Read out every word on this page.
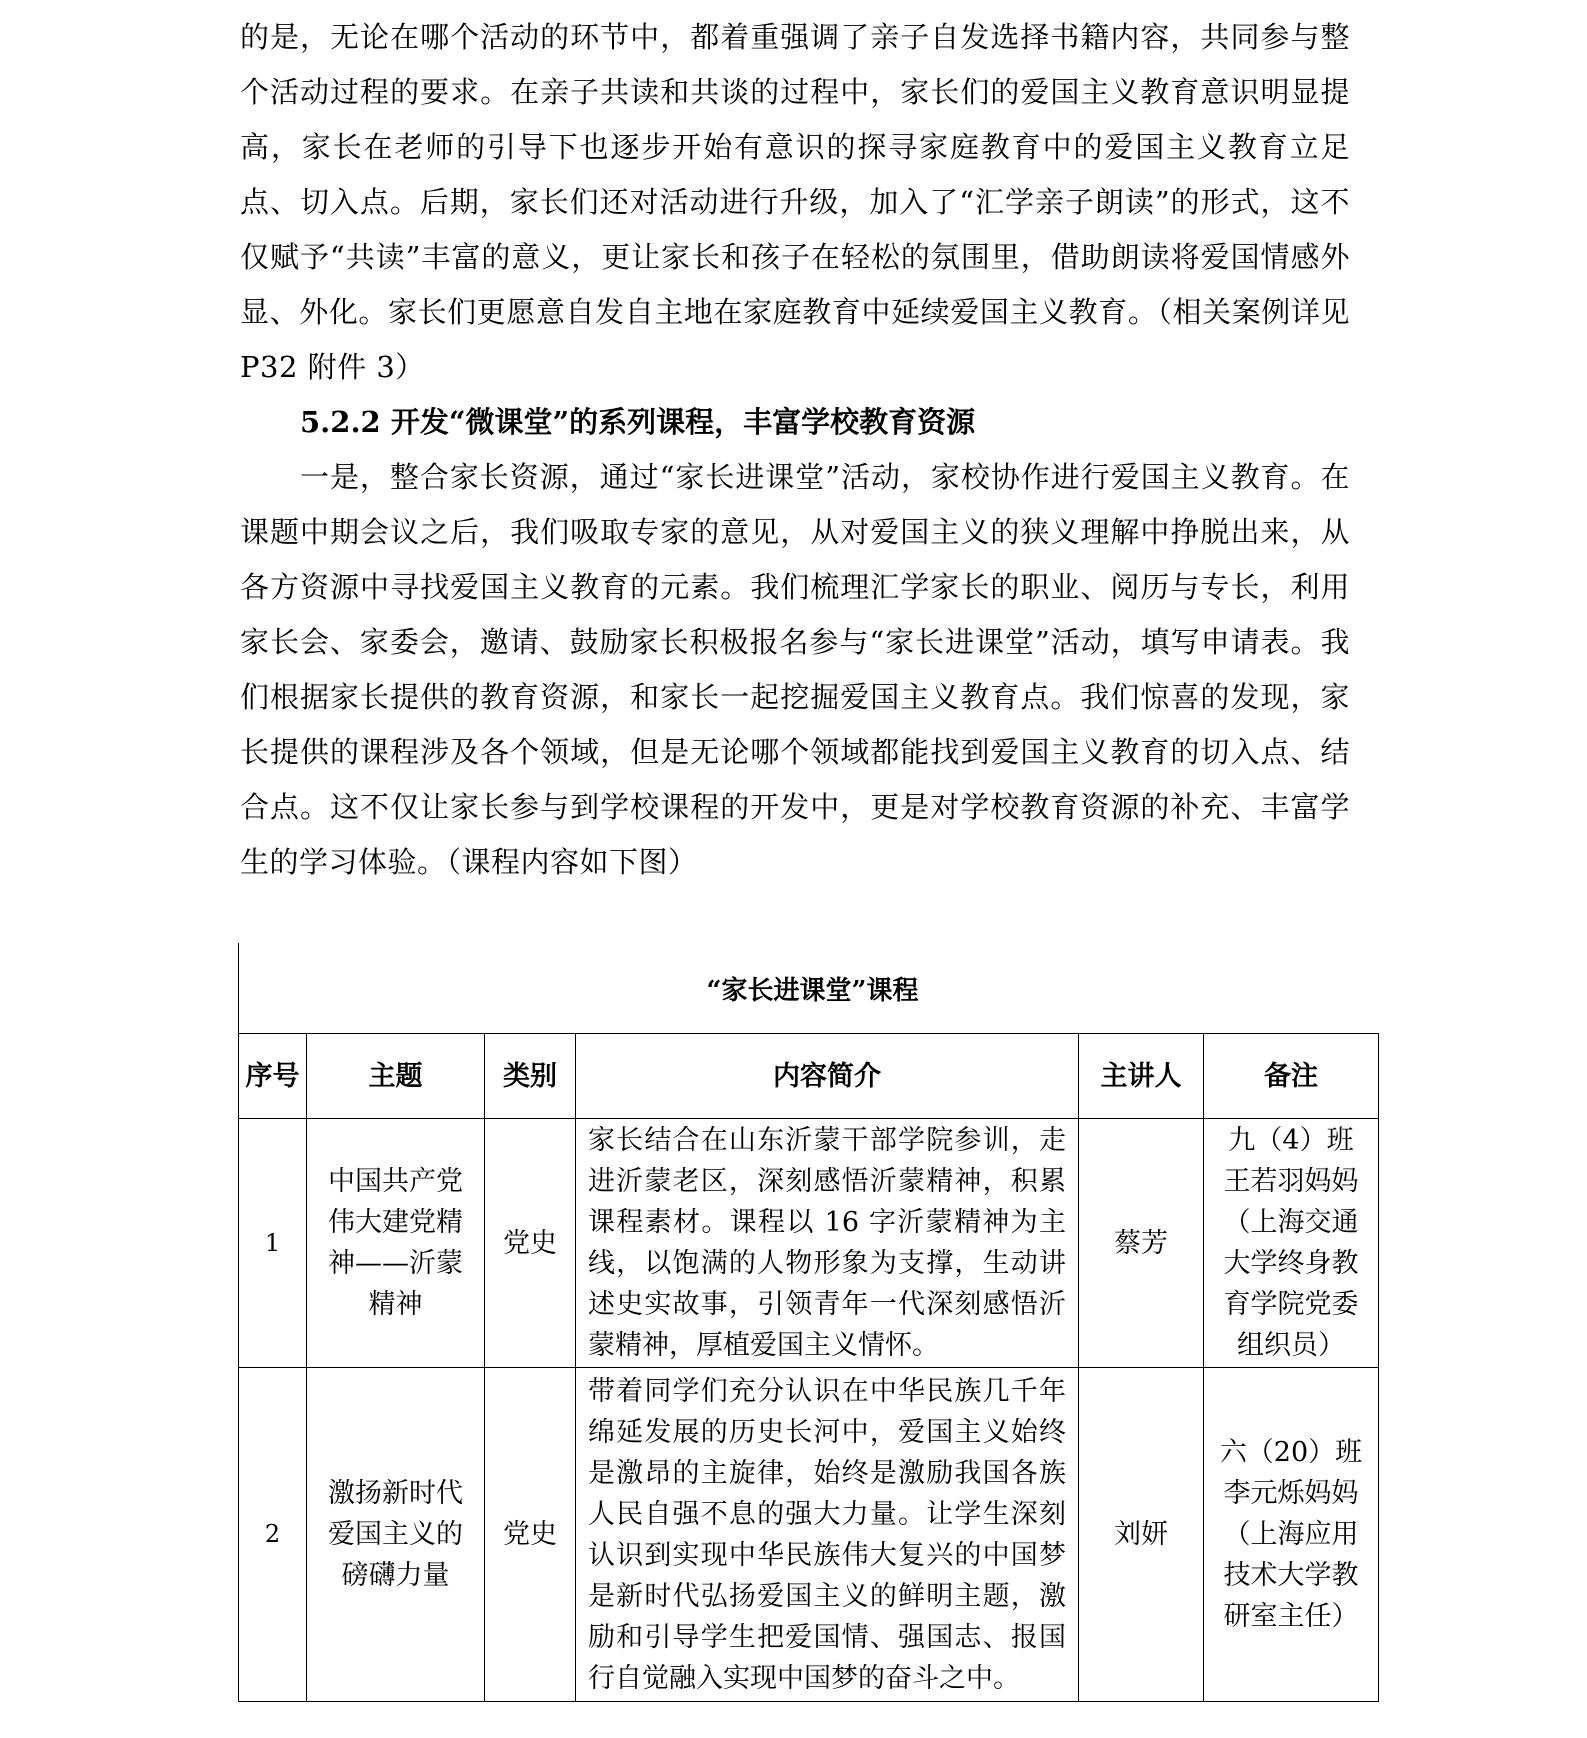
的是，无论在哪个活动的环节中，都着重强调了亲子自发选择书籍内容，共同参与整个活动过程的要求。在亲子共读和共谈的过程中，家长们的爱国主义教育意识明显提高，家长在老师的引导下也逐步开始有意识的探寻家庭教育中的爱国主义教育立足点、切入点。后期，家长们还对活动进行升级，加入了“汇学亲子朗读”的形式，这不仅赋予“共读”丰富的意义，更让家长和孩子在轻松的氛围里，借助朗读将爱国情感外显、外化。家长们更愿意自发自主地在家庭教育中延续爱国主义教育。（相关案例详见 P32 附件 3）

5.2.2 开发“微课堂”的系列课程，丰富学校教育资源

一是，整合家长资源，通过“家长进课堂”活动，家校协作进行爱国主义教育。在课题中期会议之后，我们吸取专家的意见，从对爱国主义的狭义理解中挣脱出来，从各方资源中寻找爱国主义教育的元素。我们梳理汇学家长的职业、阅历与专长，利用家长会、家委会，邀请、鼓励家长积极报名参与“家长进课堂”活动，填写申请表。我们根据家长提供的教育资源，和家长一起挖掘爱国主义教育点。我们惊喜的发现，家长提供的课程涉及各个领域，但是无论哪个领域都能找到爱国主义教育的切入点、结合点。这不仅让家长参与到学校课程的开发中，更是对学校教育资源的补充、丰富学生的学习体验。（课程内容如下图）

“家长进课堂”课程
序号	主题	类别	内容简介	主讲人	备注
1	中国共产党伟大建党精神——沂蒙精神	党史	家长结合在山东沂蒙干部学院参训，走进沂蒙老区，深刻感悟沂蒙精神，积累课程素材。课程以 16 字沂蒙精神为主线，以饱满的人物形象为支撑，生动讲述史实故事，引领青年一代深刻感悟沂蒙精神，厚植爱国主义情怀。	蔡芳	九（4）班王若羽妈妈（上海交通大学终身教育学院党委组织员）
2	激扬新时代爱国主义的磅礴力量	党史	带着同学们充分认识在中华民族几千年绵延发展的历史长河中，爱国主义始终是激昂的主旋律，始终是激励我国各族人民自强不息的强大力量。让学生深刻认识到实现中华民族伟大复兴的中国梦是新时代弘扬爱国主义的鲜明主题，激励和引导学生把爱国情、强国志、报国行自觉融入实现中国梦的奋斗之中。	刘妍	六（20）班李元烁妈妈（上海应用技术大学教研室主任）
